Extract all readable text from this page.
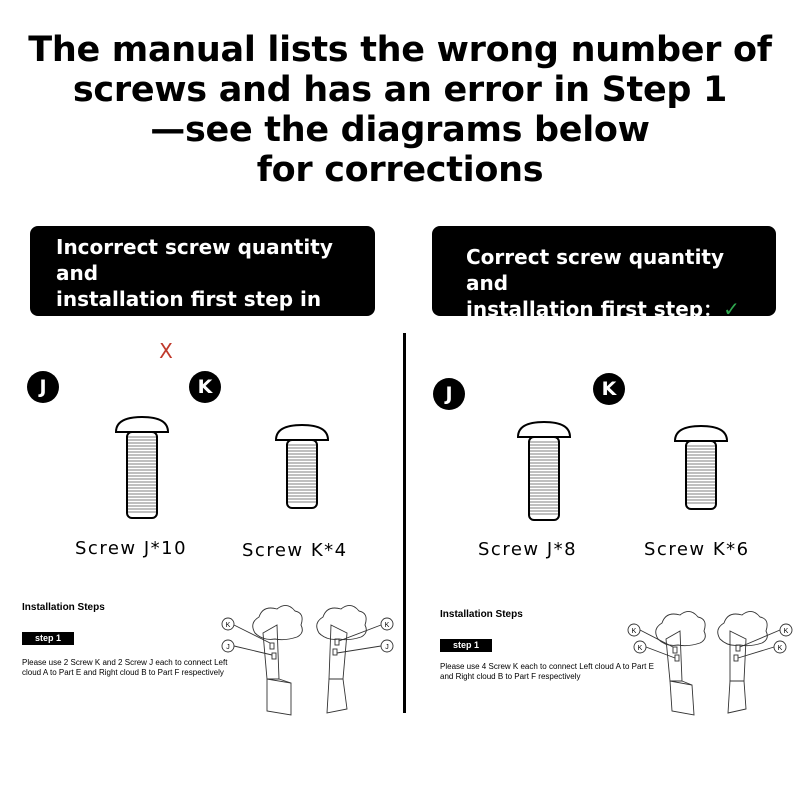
The manual lists the wrong number of
screws and has an error in Step 1
—see the diagrams below
for corrections
Incorrect screw quantity and
installation first step in the
manual：X
Correct screw quantity and
installation first step：✓
J	K
Screw J*10	Screw K*4
J	K
Screw J*8	Screw K*6
Installation Steps
step 1
Please use 2 Screw K and 2 Screw J each to connect Left cloud A to Part E and Right cloud B to Part F respectively
K
J
K
J
Installation Steps
step 1
Please use 4 Screw K each to connect Left cloud A to Part E and Right cloud B to Part F respectively
K
K
K
K
